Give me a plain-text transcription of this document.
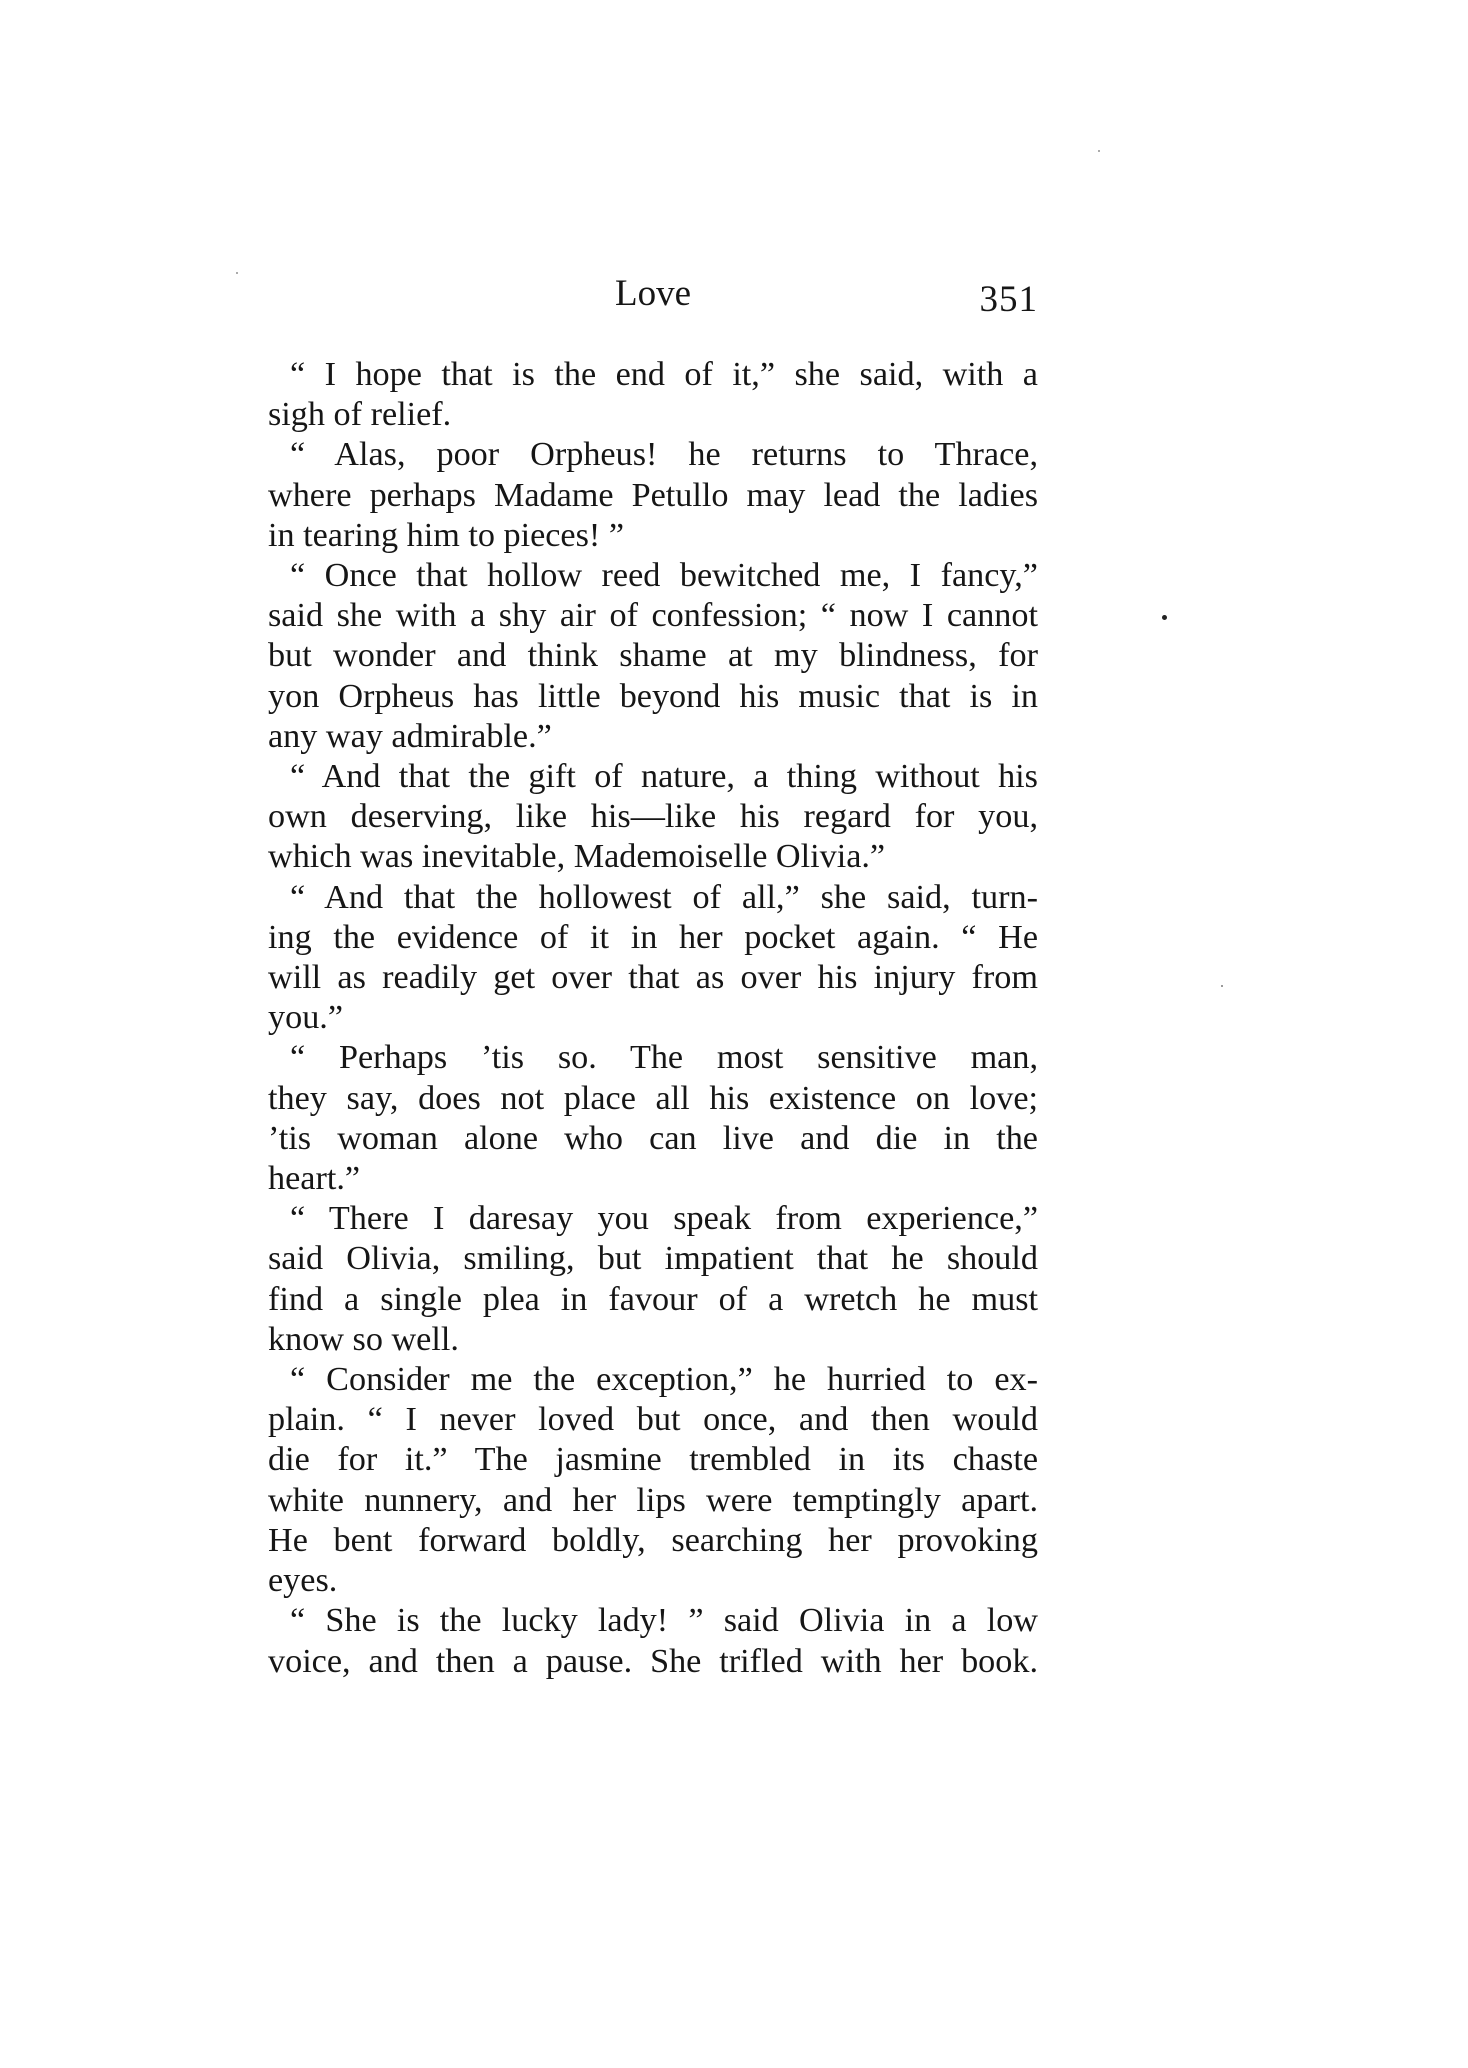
Love	351

“ I hope that is the end of it,” she said, with a
sigh of relief.

“ Alas, poor Orpheus! he returns to Thrace,
where perhaps Madame Petullo may lead the ladies
in tearing him to pieces! ”

“ Once that hollow reed bewitched me, I fancy,”
said she with a shy air of confession; “ now I cannot
but wonder and think shame at my blindness, for
yon Orpheus has little beyond his music that is in
any way admirable.”

“ And that the gift of nature, a thing without his
own deserving, like his—like his regard for you,
which was inevitable, Mademoiselle Olivia.”

“ And that the hollowest of all,” she said, turn-
ing the evidence of it in her pocket again. “ He
will as readily get over that as over his injury from
you.”

“ Perhaps ’tis so. The most sensitive man,
they say, does not place all his existence on love;
’tis woman alone who can live and die in the
heart.”

“ There I daresay you speak from experience,”
said Olivia, smiling, but impatient that he should
find a single plea in favour of a wretch he must
know so well.

“ Consider me the exception,” he hurried to ex-
plain. “ I never loved but once, and then would
die for it.” The jasmine trembled in its chaste
white nunnery, and her lips were temptingly apart.
He bent forward boldly, searching her provoking
eyes.

“ She is the lucky lady! ” said Olivia in a low
voice, and then a pause. She trifled with her book.
